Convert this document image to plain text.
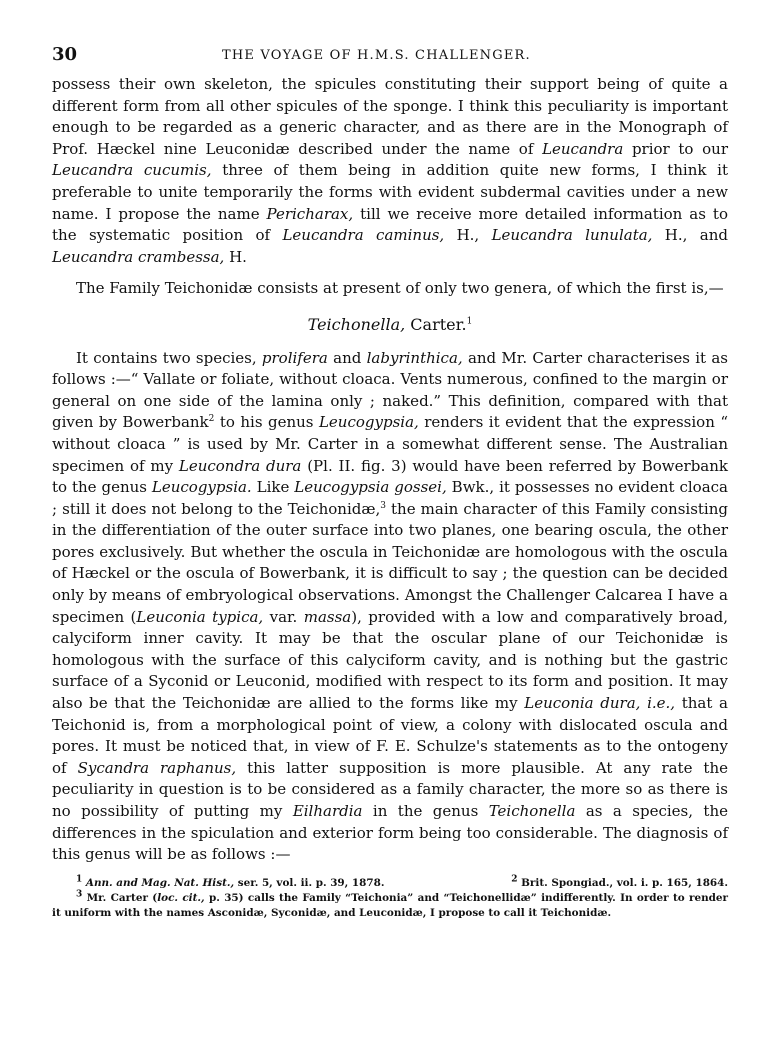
30	THE VOYAGE OF H.M.S. CHALLENGER.

possess their own skeleton, the spicules constituting their support being of quite a different form from all other spicules of the sponge. I think this peculiarity is important enough to be regarded as a generic character, and as there are in the Monograph of Prof. Hæckel nine Leuconidæ described under the name of Leucandra prior to our Leucandra cucumis, three of them being in addition quite new forms, I think it preferable to unite temporarily the forms with evident subdermal cavities under a new name. I propose the name Pericharax, till we receive more detailed information as to the systematic position of Leucandra caminus, H., Leucandra lunulata, H., and Leucandra crambessa, H.

The Family Teichonidæ consists at present of only two genera, of which the first is,—

Teichonella, Carter.$^1$

It contains two species, prolifera and labyrinthica, and Mr. Carter characterises it as follows :—“ Vallate or foliate, without cloaca. Vents numerous, confined to the margin or general on one side of the lamina only ; naked.” This definition, compared with that given by Bowerbank$^2$ to his genus Leucogypsia, renders it evident that the expression “ without cloaca ” is used by Mr. Carter in a somewhat different sense. The Australian specimen of my Leucondra dura (Pl. II. fig. 3) would have been referred by Bowerbank to the genus Leucogypsia. Like Leucogypsia gossei, Bwk., it possesses no evident cloaca ; still it does not belong to the Teichonidæ,$^3$ the main character of this Family consisting in the differentiation of the outer surface into two planes, one bearing oscula, the other pores exclusively. But whether the oscula in Teichonidæ are homologous with the oscula of Hæckel or the oscula of Bowerbank, it is difficult to say ; the question can be decided only by means of embryological observations. Amongst the Challenger Calcarea I have a specimen (Leuconia typica, var. massa), provided with a low and comparatively broad, calyciform inner cavity. It may be that the oscular plane of our Teichonidæ is homologous with the surface of this calyciform cavity, and is nothing but the gastric surface of a Syconid or Leuconid, modified with respect to its form and position. It may also be that the Teichonidæ are allied to the forms like my Leuconia dura, i.e., that a Teichonid is, from a morphological point of view, a colony with dislocated oscula and pores. It must be noticed that, in view of F. E. Schulze's statements as to the ontogeny of Sycandra raphanus, this latter supposition is more plausible. At any rate the peculiarity in question is to be considered as a family character, the more so as there is no possibility of putting my Eilhardia in the genus Teichonella as a species, the differences in the spiculation and exterior form being too considerable. The diagnosis of this genus will be as follows :—

$^1$ Ann. and Mag. Nat. Hist., ser. 5, vol. ii. p. 39, 1878.	$^2$ Brit. Spongiad., vol. i. p. 165, 1864.

$^3$ Mr. Carter (loc. cit., p. 35) calls the Family “Teichonia” and “Teichonellidæ” indifferently. In order to render it uniform with the names Asconidæ, Syconidæ, and Leuconidæ, I propose to call it Teichonidæ.
